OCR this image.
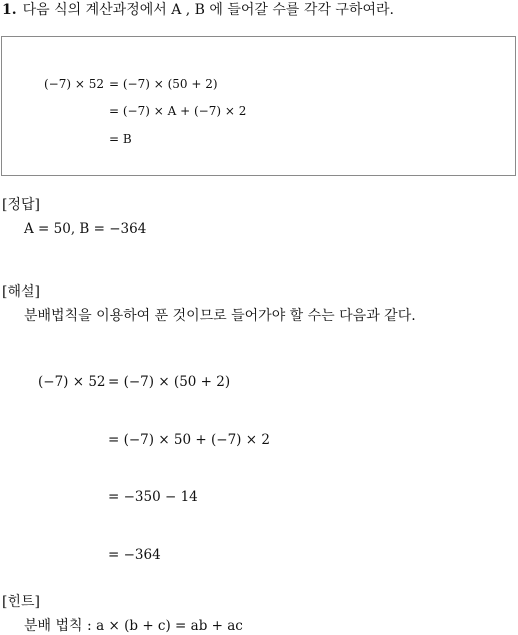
1. 다음 식의 계산과정에서 A , B 에 들어갈 수를 각각 구하여라.
(−7) × 52 = (−7) × (50 + 2)
= (−7) × A + (−7) × 2
= B
[정답]
A = 50, B = −364
[해설]
분배법칙을 이용하여 푼 것이므로 들어가야 할 수는 다음과 같다.
(−7) × 52 = (−7) × (50 + 2)
= (−7) × 50 + (−7) × 2
= −350 − 14
= −364
[힌트]
분배 법칙 : a × (b + c) = ab + ac
